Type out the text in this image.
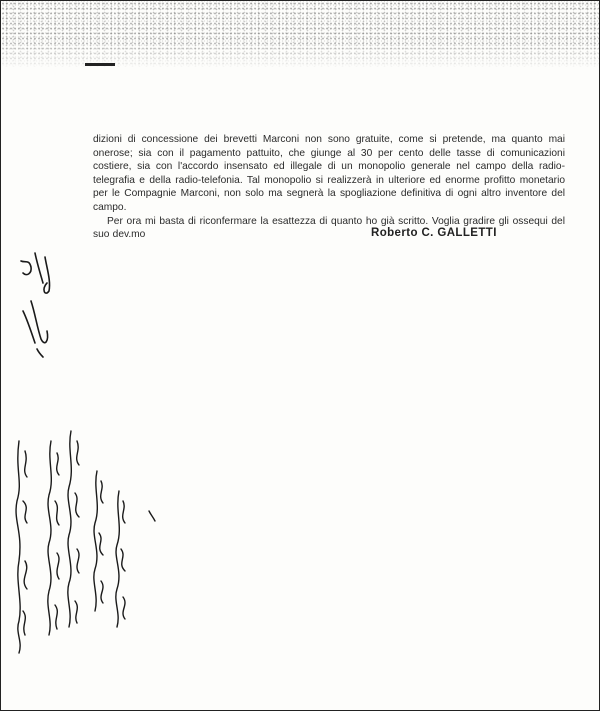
dizioni di concessione dei brevetti Marconi non sono gratuite, come si pretende, ma quanto mai onerose; sia con il pagamento pattuito, che giunge al 30 per cento delle tasse di comunicazioni costiere, sia con l'accordo insensato ed illegale di un monopolio generale nel campo della radio-telegrafia e della radio-telefonia. Tal monopolio si realizzerà in ulteriore ed enorme profitto monetario per le Compagnie Marconi, non solo ma segnerà la spogliazione definitiva di ogni altro inventore del campo.

Per ora mi basta di riconfermare la esattezza di quanto ho già scritto. Voglia gradire gli ossequi del suo dev.mo	Roberto C. GALLETTI
